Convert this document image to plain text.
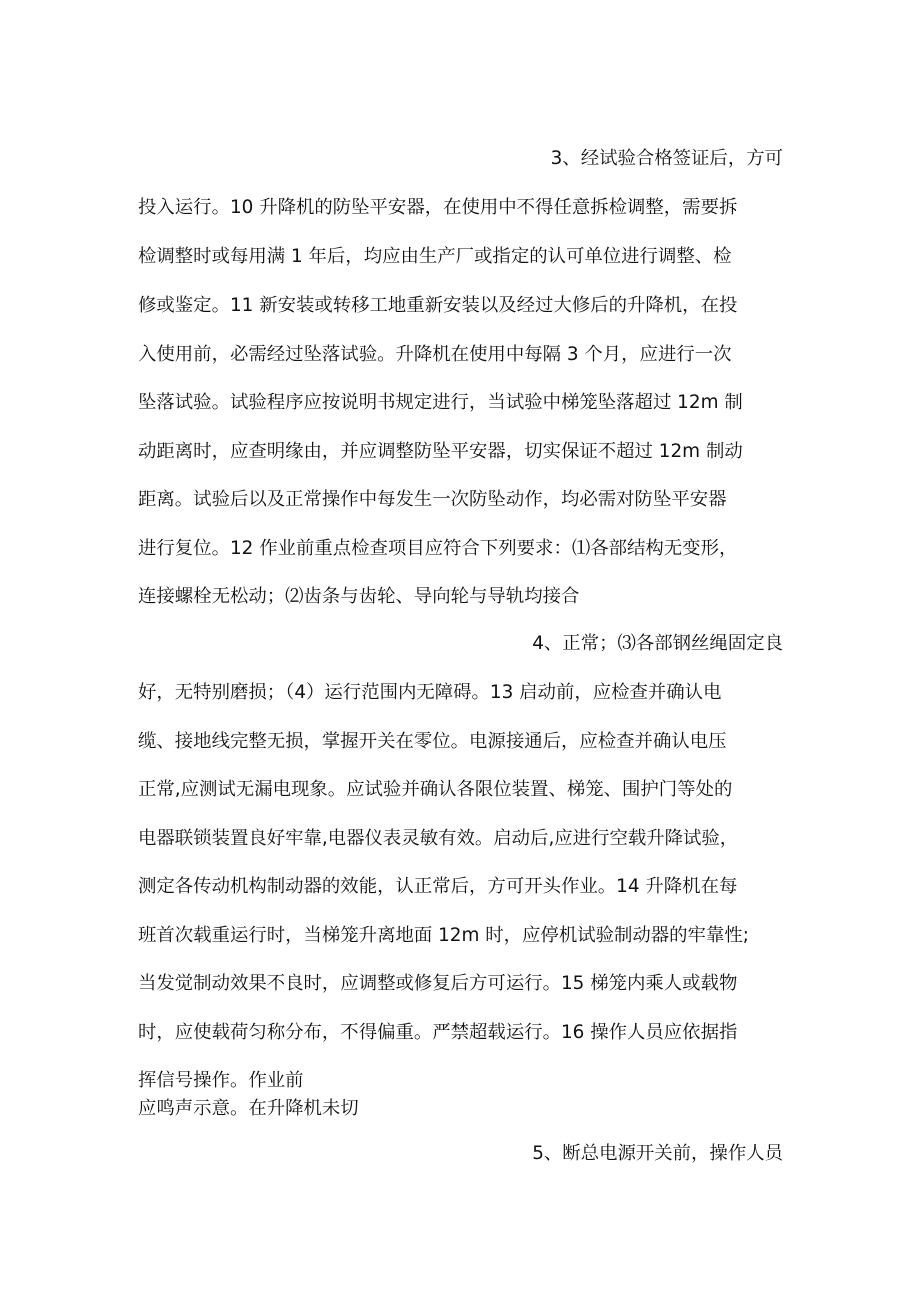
3、经试验合格签证后，方可
投入运行。10 升降机的防坠平安器，在使用中不得任意拆检调整，需要拆
检调整时或每用满 1 年后，均应由生产厂或指定的认可单位进行调整、检
修或鉴定。11 新安装或转移工地重新安装以及经过大修后的升降机，在投
入使用前，必需经过坠落试验。升降机在使用中每隔 3 个月，应进行一次
坠落试验。试验程序应按说明书规定进行，当试验中梯笼坠落超过 12m 制
动距离时，应查明缘由，并应调整防坠平安器，切实保证不超过 12m 制动
距离。试验后以及正常操作中每发生一次防坠动作，均必需对防坠平安器
进行复位。12 作业前重点检查项目应符合下列要求：⑴各部结构无变形，
连接螺栓无松动；⑵齿条与齿轮、导向轮与导轨均接合
4、正常；⑶各部钢丝绳固定良
好，无特别磨损；（4）运行范围内无障碍。13 启动前，应检查并确认电
缆、接地线完整无损，掌握开关在零位。电源接通后，应检查并确认电压
正常,应测试无漏电现象。应试验并确认各限位装置、梯笼、围护门等处的
电器联锁装置良好牢靠,电器仪表灵敏有效。启动后,应进行空载升降试验，
测定各传动机构制动器的效能，认正常后，方可开头作业。14 升降机在每
班首次载重运行时，当梯笼升离地面 12m 时，应停机试验制动器的牢靠性;
当发觉制动效果不良时，应调整或修复后方可运行。15 梯笼内乘人或载物
时，应使载荷匀称分布，不得偏重。严禁超载运行。16 操作人员应依据指
挥信号操作。作业前
应鸣声示意。在升降机未切
5、断总电源开关前，操作人员
